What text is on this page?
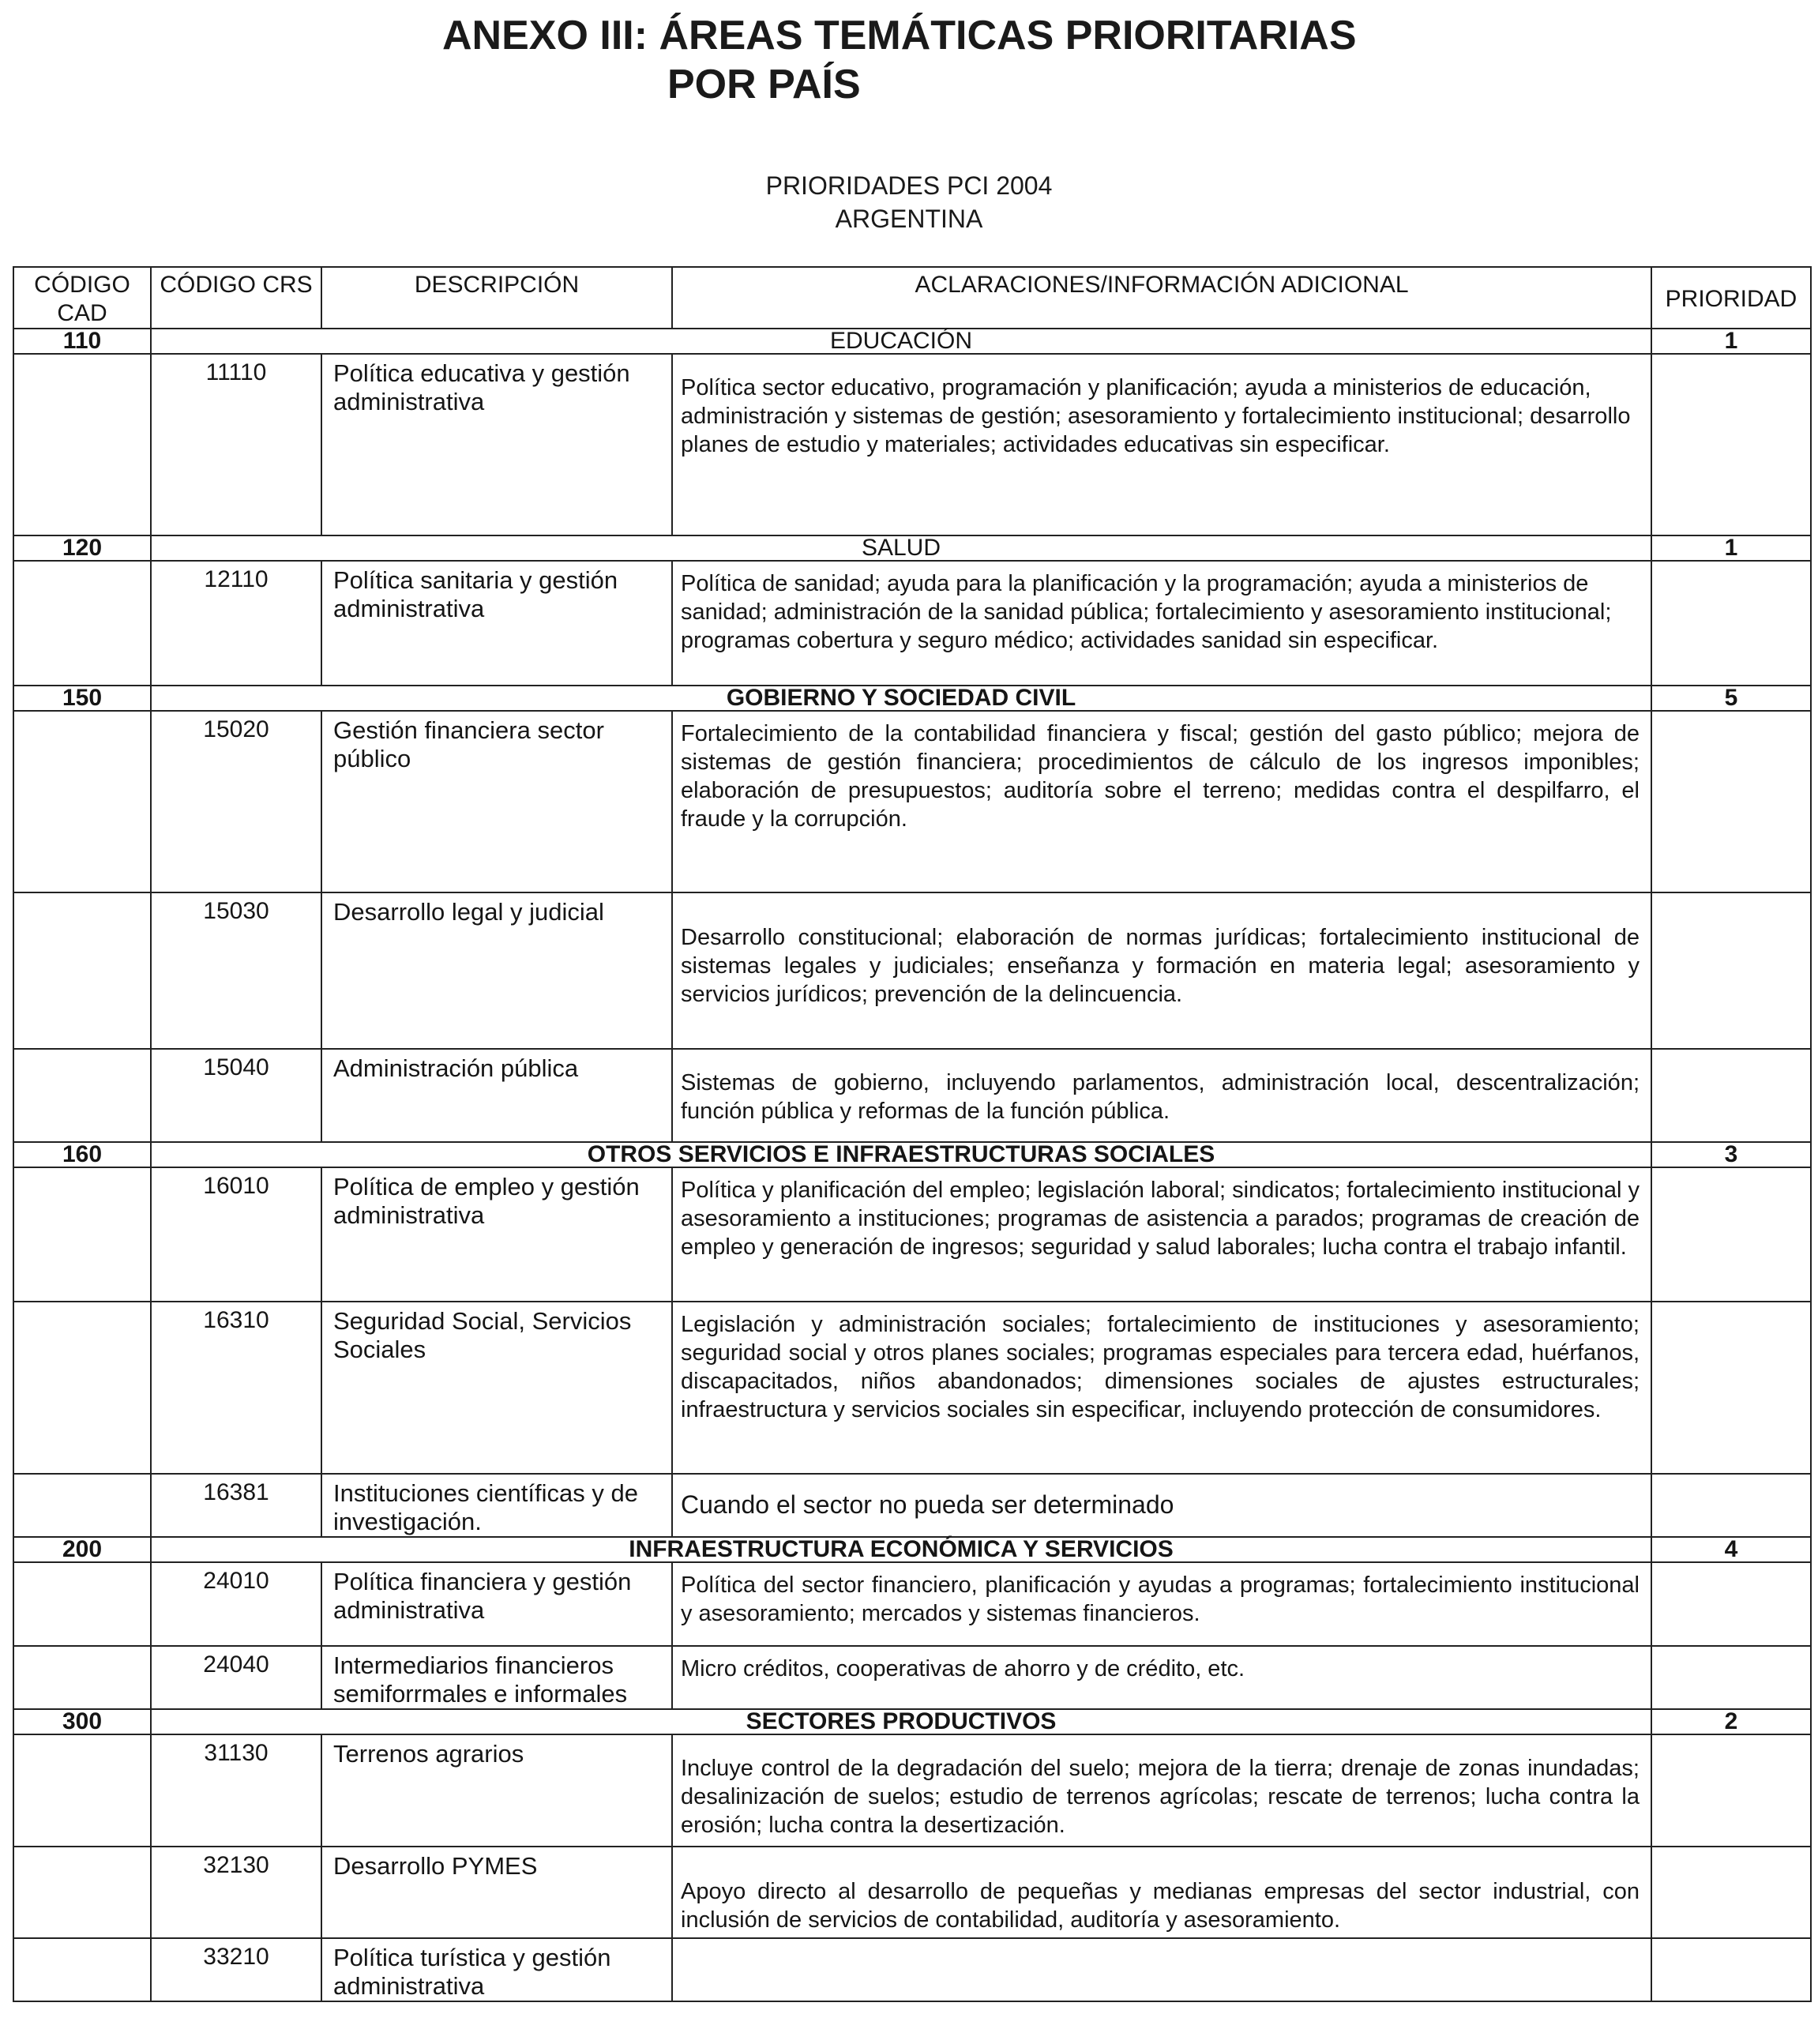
ANEXO III: ÁREAS TEMÁTICAS PRIORITARIAS
POR PAÍS
PRIORIDADES PCI 2004
ARGENTINA
CÓDIGO CAD	CÓDIGO CRS	DESCRIPCIÓN	ACLARACIONES/INFORMACIÓN ADICIONAL	PRIORIDAD
110	EDUCACIÓN			1
	11110	Política educativa y gestión administrativa	Política sector educativo, programación y planificación; ayuda a ministerios de educación, administración y sistemas de gestión; asesoramiento y fortalecimiento institucional; desarrollo planes de estudio y materiales; actividades educativas sin especificar.	
120	SALUD			1
	12110	Política sanitaria y gestión administrativa	Política de sanidad; ayuda para la planificación y la programación; ayuda a ministerios de sanidad; administración de la sanidad pública; fortalecimiento y asesoramiento institucional; programas cobertura y seguro médico; actividades sanidad sin especificar.	
150	GOBIERNO Y SOCIEDAD CIVIL			5
	15020	Gestión financiera sector público	Fortalecimiento de la contabilidad financiera y fiscal; gestión del gasto público; mejora de sistemas de gestión financiera; procedimientos de cálculo de los ingresos imponibles; elaboración de presupuestos; auditoría sobre el terreno; medidas contra el despilfarro, el fraude y la corrupción.	
	15030	Desarrollo legal y judicial	Desarrollo constitucional; elaboración de normas jurídicas; fortalecimiento institucional de sistemas legales y judiciales; enseñanza y formación en materia legal; asesoramiento y servicios jurídicos; prevención de la delincuencia.	
	15040	Administración pública	Sistemas de gobierno, incluyendo parlamentos, administración local, descentralización; función pública y reformas de la función pública.	
160	OTROS SERVICIOS E INFRAESTRUCTURAS SOCIALES			3
	16010	Política de empleo y gestión administrativa	Política y planificación del empleo; legislación laboral; sindicatos; fortalecimiento institucional y asesoramiento a instituciones; programas de asistencia a parados; programas de creación de empleo y generación de ingresos; seguridad y salud laborales; lucha contra el trabajo infantil.	
	16310	Seguridad Social, Servicios Sociales	Legislación y administración sociales; fortalecimiento de instituciones y asesoramiento; seguridad social y otros planes sociales; programas especiales para tercera edad, huérfanos, discapacitados, niños abandonados; dimensiones sociales de ajustes estructurales; infraestructura y servicios sociales sin especificar, incluyendo protección de consumidores.	
	16381	Instituciones científicas y de investigación.	Cuando el sector no pueda ser determinado	
200	INFRAESTRUCTURA ECONÓMICA Y SERVICIOS			4
	24010	Política financiera y gestión administrativa	Política del sector financiero, planificación y ayudas a programas; fortalecimiento institucional y asesoramiento; mercados y sistemas financieros.	
	24040	Intermediarios financieros semiforrmales e informales	Micro créditos, cooperativas de ahorro y de crédito, etc.	
300	SECTORES PRODUCTIVOS			2
	31130	Terrenos agrarios	Incluye control de la degradación del suelo; mejora de la tierra; drenaje de zonas inundadas; desalinización de suelos; estudio de terrenos agrícolas; rescate de terrenos; lucha contra la erosión; lucha contra la desertización.	
	32130	Desarrollo PYMES	Apoyo directo al desarrollo de pequeñas y medianas empresas del sector industrial, con inclusión de servicios de contabilidad, auditoría y asesoramiento.	
	33210	Política turística y gestión administrativa		
